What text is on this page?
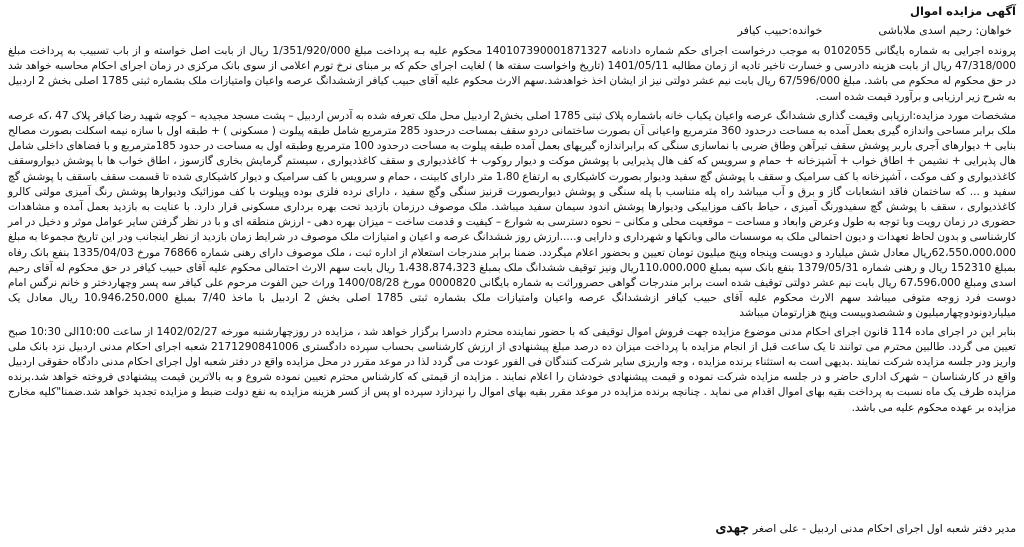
آگهی مزایده اموال
خواهان: رحیم اسدی ملاباشی
خوانده:حبیب کیافر

پرونده اجرایی به شماره بایگانی 0102055 به موجب درخواست اجرای حکم شماره دادنامه 140107390001871327 محکوم علیه بـه پرداخت مبلغ 1/351/920/000 ریال از بابت اصل خواسته و از باب تسبیب به پرداخت مبلغ 47/318/000 ریال از بابت هزینه دادرسی و خسارت تاخیر تادیه از زمان مطالبه 1401/05/11 (تاریخ واخواست سفته ها ) لغایت اجرای حکم که بر مبنای نرخ تورم اعلامی از سوی بانک مرکزی در زمان اجرای احکام محاسبه خواهد شد در حق محکوم له محکوم می باشد. مبلغ 67/596/000 ریال بابت نیم عشر دولتی نیز از ایشان اخذ خواهدشد.سهم الارث محکوم علیه آقای حبیب کیافر ازششدانگ عرصه واعیان وامتیازات ملک بشماره ثبتی 1785 اصلی بخش 2 اردبیل به شرح زیر ارزیابی و برآورد قیمت شده است.

مشخصات مورد مزایده:ارزیابی وقیمت گذاری ششدانگ عرصه واعیان یکباب خانه باشماره پلاک ثبتی 1785 اصلی بخش2 اردبیل محل ملک تعرفه شده به آدرس اردبیل – پشت مسجد مجیدیه – کوچه شهید رضا کیافر پلاک 47 ،که عرصه ملک برابر مساحی واندازه گیری بعمل آمده به مساحت درحدود 360 مترمربع واعیانی آن بصورت ساختمانی دردو سقف بمساحت درحدود 285 مترمربع شامل طبقه پیلوت ( مسکونی ) + طبقه اول با سازه نیمه اسکلت بصورت مصالح بنایی + دیوارهای آجری باربر پوشش سقف تیرآهن وطاق ضربی با نماسازی سنگی که برابراندازه گیریهای بعمل آمده طبقه پیلوت به مساحت درحدود 100 مترمربع وطبقه اول به مساحت در حدود 185مترمربع و با فضاهای داخلی شامل هال پذیرایی + نشیمن + اطاق خواب + آشپزخانه + حمام و سرویس که کف هال پذیرایی با پوشش موکت و دیوار روکوب + کاغذدیواری و سقف کاغذدیواری ، سیستم گرمایش بخاری گازسوز ، اطاق خواب ها با پوشش دیواروسقف کاغذدیواری و کف موکت ، آشپزخانه با کف سرامیک و سقف با پوشش گچ سفید ودیوار بصورت کاشیکاری به ارتفاع 1،80 متر دارای کابینت ، حمام و سرویس با کف سرامیک و دیوار کاشیکاری شده تا قسمت سقف باسقف با پوشش گچ سفید و ... که ساختمان فاقد انشعابات گاز و برق و آب میباشد راه پله متناسب با پله سنگی و پوشش دیواربصورت قرنیز سنگی وگچ سفید ، دارای نرده فلزی بوده وپیلوت با کف موزائیک ودیوارها پوشش رنگ آمیزی مولتی کالرو کاغذدیواری ، سقف با پوشش گچ سفیدورنگ آمیزی ، حیاط باکف موزاییکی ودیوارها پوشش اندود سیمان سفید میباشد. ملک موصوف درزمان بازدید تحت بهره برداری مسکونی قرار دارد. با عنایت به بازدید بعمل آمده و مشاهدات حضوری در زمان رویت وبا توجه به طول وعرض وابعاد و مساحت – موقعیت محلی و مکانی – نحوه دسترسی به شوارع – کیفیت و قدمت ساخت – میزان بهره دهی - ارزش منطقه ای و با در نظر گرفتن سایر عوامل موثر و دخیل در امر کارشناسی و بدون لحاظ تعهدات و دیون احتمالی ملک به موسسات مالی وبانکها و شهرداری و دارایی و.....ارزش روز ششدانگ عرصه و اعیان و امتیازات ملک موصوف در شرایط زمان بازدید از نظر اینجانب ودر این تاریخ مجموعا به مبلغ 62،550،000،000ریال معادل شش میلیارد و دویست وپنجاه وپنج میلیون تومان تعیین و بحضور اعلام میگردد. ضمنا برابر مندرجات استعلام از اداره ثبت ، ملک موصوف دارای رهنی شماره 76866 مورخ 1335/04/03 بنفع بانک رفاه بمبلغ 152310 ریال و رهنی شماره 1379/05/31 بنفع بانک سپه بمبلغ 110،000،000ریال ونیز توقیف ششدانگ ملک بمبلغ 1،438،874،323 ریال بابت سهم الارث احتمالی محکوم علیه آقای حبیب کیافر در حق محکوم له آقای رحیم اسدی ومبلغ 67،596،000 ریال بابت نیم عشر دولتی توقیف شده است برابر مندرجات گواهی حصروراثت به شماره بایگانی 0000820 مورخ 1400/08/28 وراث حین الفوت مرحوم علی کیافر سه پسر وچهاردختر و خانم نرگس امام دوست فرد زوجه متوفی میباشد سهم الارث محکوم علیه آقای حبیب کیافر ازششدانگ عرصه واعیان وامتیازات ملک بشماره ثبتی 1785 اصلی بخش 2 اردبیل با ماخذ 7/40 بمبلغ 10،946،250،000 ریال معادل یک میلیاردونودوچهارمیلیون و ششصدوبیست وپنج هزارتومان میباشد

بنابر این در اجرای ماده 114 قانون اجرای احکام مدنی موضوع مزایده جهت فروش اموال توقیفی که با حضور نماینده محترم دادسرا برگزار خواهد شد ، مزایده در روزچهارشنبه مورخه 1402/02/27 از ساعت 10:00الی 10:30 صبح تعیین می گردد. طالبین محترم می توانند تا یک ساعت قبل از انجام مزایده با پرداخت میزان ده درصد مبلغ پیشنهادی از ارزش کارشناسی بحساب سپرده دادگستری 2171290841006 شعبه اجرای احکام مدنی اردبیل نزد بانک ملی واریز ودر جلسه مزایده شرکت نمایند .بدیهی است به استثناء برنده مزایده ، وجه واریزی سایر شرکت کنندگان فی الفور عودت می گردد لذا در موعد مقرر در محل مزایده واقع در دفتر شعبه اول اجرای احکام مدنی دادگاه حقوقی اردبیل واقع در کارشناسان – شهرک اداری حاضر و در جلسه مزایده شرکت نموده و قیمت پیشنهادی خودشان را اعلام نمایند . مزایده از قیمتی که کارشناس محترم تعیین نموده شروع و به بالاترین قیمت پیشنهادی فروخته خواهد شد.برنده مزایده ظرف یک ماه نسبت به پرداخت بقیه بهای اموال اقدام می نماید . چنانچه برنده مزایده در موعد مقرر بقیه بهای اموال را نپردازد سپرده او پس از کسر هزینه مزایده به نفع دولت ضبط و مزایده تجدید خواهد شد.ضمنا"کلیه مخارج مزایده بر عهده محکوم علیه می باشد.

مدیر دفتر شعبه اول اجرای احکام مدنی اردبیل - علی اصغر
جهدی
